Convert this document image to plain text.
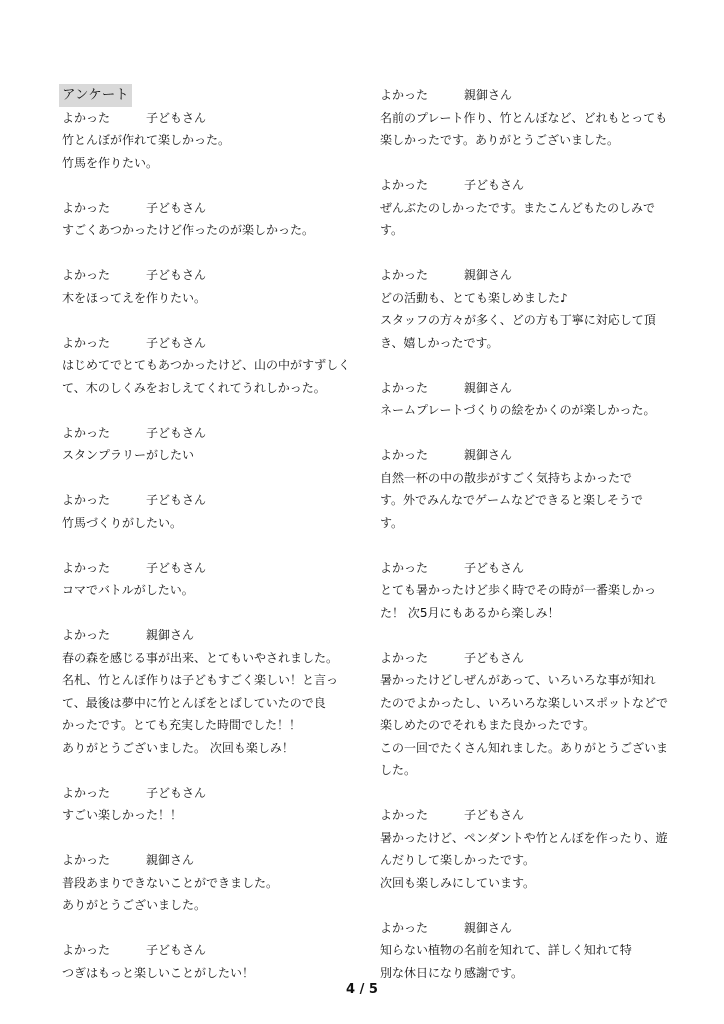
アンケート
よかった	子どもさん
竹とんぼが作れて楽しかった。
竹馬を作りたい。
よかった	子どもさん
すごくあつかったけど作ったのが楽しかった。
よかった	子どもさん
木をほってえを作りたい。
よかった	子どもさん
はじめてでとてもあつかったけど、山の中がすずしく
て、木のしくみをおしえてくれてうれしかった。
よかった	子どもさん
スタンプラリーがしたい
よかった	子どもさん
竹馬づくりがしたい。
よかった	子どもさん
コマでバトルがしたい。
よかった	親御さん
春の森を感じる事が出来、とてもいやされました。
名札、竹とんぼ作りは子どもすごく楽しい！と言っ
て、最後は夢中に竹とんぼをとばしていたので良
かったです。とても充実した時間でした！！
ありがとうございました。 次回も楽しみ！
よかった	子どもさん
すごい楽しかった！！
よかった	親御さん
普段あまりできないことができました。
ありがとうございました。
よかった	子どもさん
つぎはもっと楽しいことがしたい！
よかった	親御さん
名前のプレート作り、竹とんぼなど、どれもとっても
楽しかったです。ありがとうございました。
よかった	子どもさん
ぜんぶたのしかったです。またこんどもたのしみで
す。
よかった	親御さん
どの活動も、とても楽しめました♪
スタッフの方々が多く、どの方も丁寧に対応して頂
き、嬉しかったです。
よかった	親御さん
ネームプレートづくりの絵をかくのが楽しかった。
よかった	親御さん
自然一杯の中の散歩がすごく気持ちよかったで
す。外でみんなでゲームなどできると楽しそうで
す。
よかった	子どもさん
とても暑かったけど歩く時でその時が一番楽しかっ
た！ 次5月にもあるから楽しみ！
よかった	子どもさん
暑かったけどしぜんがあって、いろいろな事が知れ
たのでよかったし、いろいろな楽しいスポットなどで
楽しめたのでそれもまた良かったです。
この一回でたくさん知れました。ありがとうございま
した。
よかった	子どもさん
暑かったけど、ペンダントや竹とんぼを作ったり、遊
んだりして楽しかったです。
次回も楽しみにしています。
よかった	親御さん
知らない植物の名前を知れて、詳しく知れて特
別な休日になり感謝です。
4 / 5
